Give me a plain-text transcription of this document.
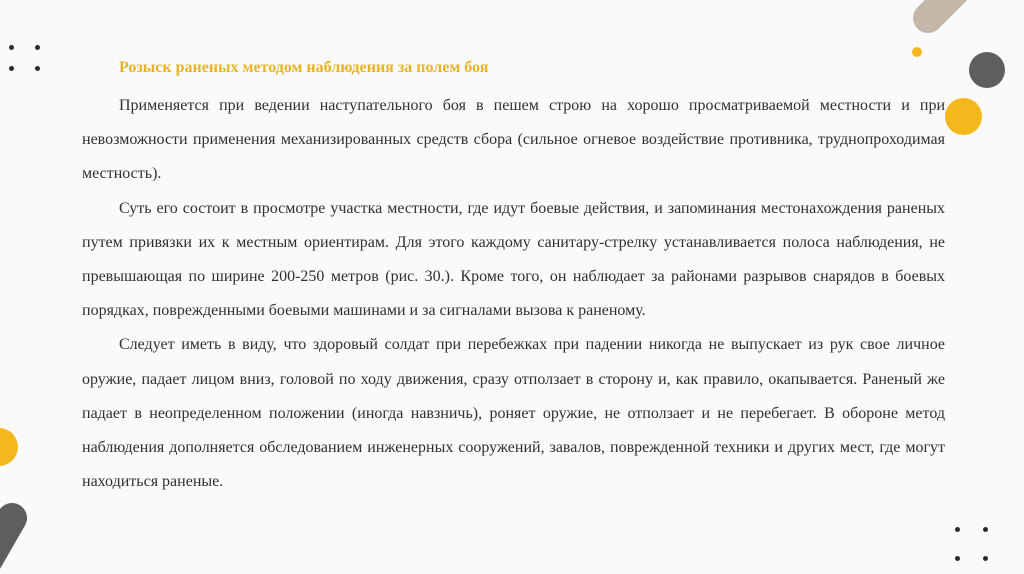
Розыск раненых методом наблюдения за полем боя

Применяется при ведении наступательного боя в пешем строю на хорошо просматриваемой местности и при невозможности применения механизированных средств сбора (сильное огневое воздействие противника, труднопроходимая местность).

Суть его состоит в просмотре участка местности, где идут боевые действия, и запоминания местонахождения раненых путем привязки их к местным ориентирам. Для этого каждому санитару-стрелку устанавливается полоса наблюдения, не превышающая по ширине 200-250 метров (рис. 30.). Кроме того, он наблюдает за районами разрывов снарядов в боевых порядках, поврежденными боевыми машинами и за сигналами вызова к раненому.

Следует иметь в виду, что здоровый солдат при перебежках при падении никогда не выпускает из рук свое личное оружие, падает лицом вниз, головой по ходу движения, сразу отползает в сторону и, как правило, окапывается. Раненый же падает в неопределенном положении (иногда навзничь), роняет оружие, не отползает и не перебегает. В обороне метод наблюдения дополняется обследованием инженерных сооружений, завалов, поврежденной техники и других мест, где могут находиться раненые.
